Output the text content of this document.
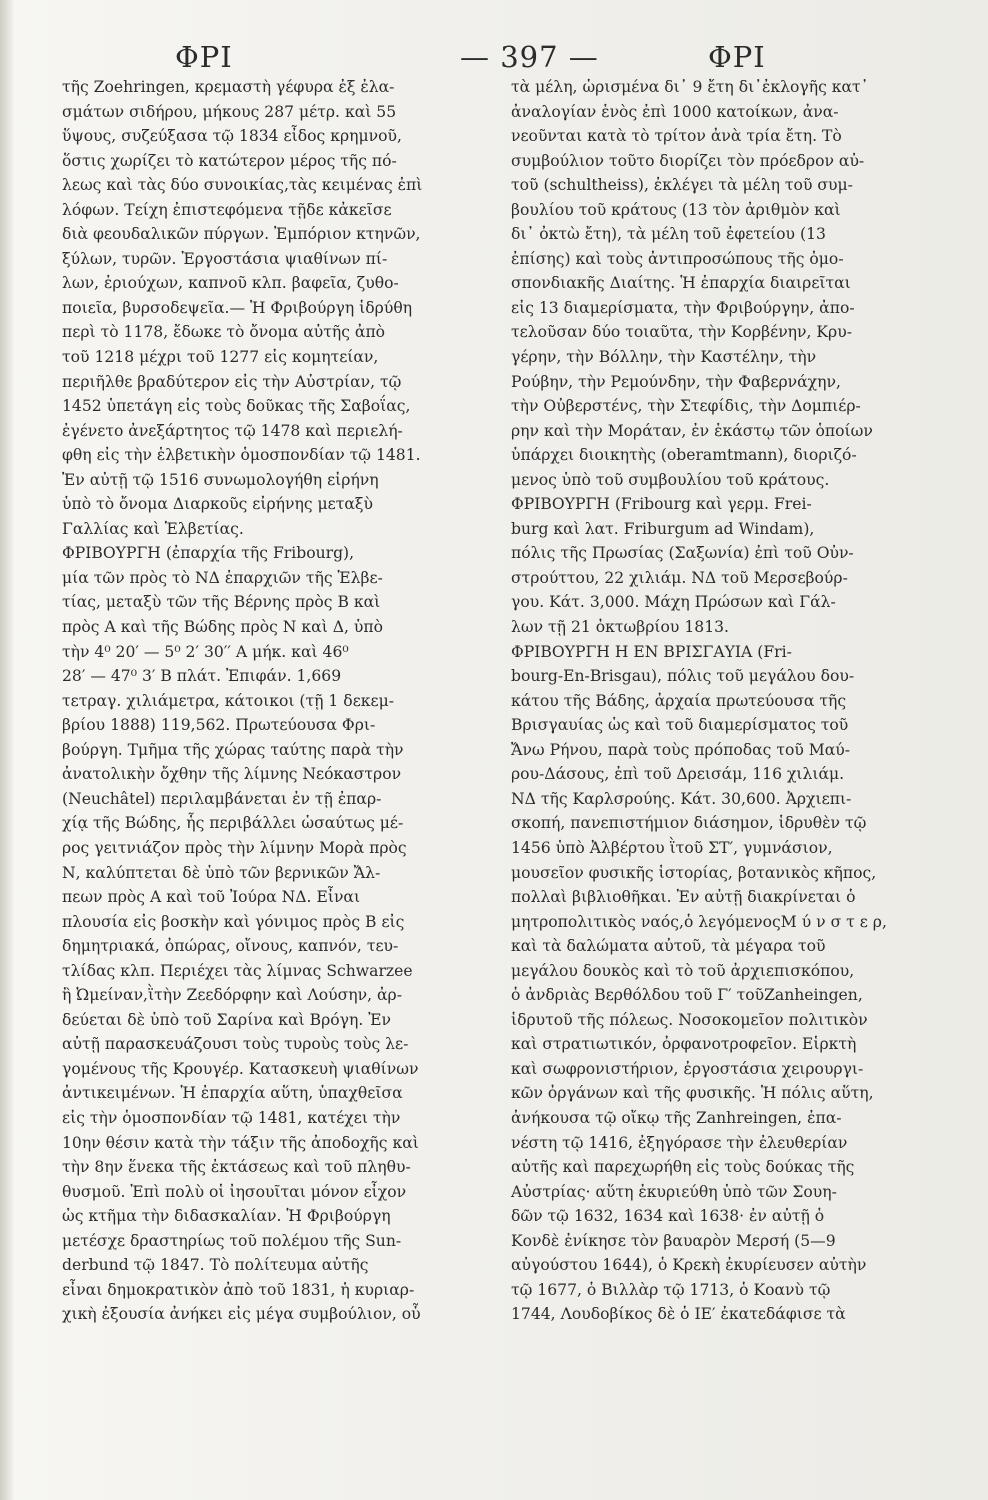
ΦΡΙ	— 397 —	ΦΡΙ
τῆς Zoehringen, κρεμαστὴ γέφυρα ἐξ ἐλα-
σμάτων σιδήρου, μήκους 287 μέτρ. καὶ 55
ὕψους, συζεύξασα τῷ 1834 εἶδος κρημνοῦ,
ὅστις χωρίζει τὸ κατώτερον μέρος τῆς πό-
λεως καὶ τὰς δύο συνοικίας,τὰς κειμένας ἐπὶ
λόφων. Τείχη ἐπιστεφόμενα τῇδε κἀκεῖσε
διὰ φεουδαλικῶν πύργων. Ἐμπόριον κτηνῶν,
ξύλων, τυρῶν. Ἐργοστάσια ψιαθίνων πί-
λων, ἐριούχων, καπνοῦ κλπ. βαφεῖα, ζυθο-
ποιεῖα, βυρσοδεψεῖα.— Ἡ Φριβούργη ἱδρύθη
περὶ τὸ 1178, ἔδωκε τὸ ὄνομα αὐτῆς ἀπὸ
τοῦ 1218 μέχρι τοῦ 1277 εἰς κομητείαν,
περιῆλθε βραδύτερον εἰς τὴν Αὐστρίαν, τῷ
1452 ὑπετάγη εἰς τοὺς δοῦκας τῆς Σαβοΐας,
ἐγένετο ἀνεξάρτητος τῷ 1478 καὶ περιελή-
φθη εἰς τὴν ἑλβετικὴν ὁμοσπονδίαν τῷ 1481.
Ἐν αὐτῇ τῷ 1516 συνωμολογήθη εἰρήνη
ὑπὸ τὸ ὄνομα Διαρκοῦς εἰρήνης μεταξὺ
Γαλλίας καὶ Ἑλβετίας.
ΦΡΙΒΟΥΡΓΗ (ἐπαρχία τῆς Fribourg),
μία τῶν πρὸς τὸ ΝΔ ἐπαρχιῶν τῆς Ἑλβε-
τίας, μεταξὺ τῶν τῆς Βέρνης πρὸς Β καὶ
πρὸς Α καὶ τῆς Βώδης πρὸς Ν καὶ Δ, ὑπὸ
τὴν 4⁰ 20′ — 5⁰ 2′ 30′′ Α μήκ. καὶ 46⁰
28′ — 47⁰ 3′ Β πλάτ. Ἐπιφάν. 1,669
τετραγ. χιλιάμετρα, κάτοικοι (τῇ 1 δεκεμ-
βρίου 1888) 119,562. Πρωτεύουσα Φρι-
βούργη. Τμῆμα τῆς χώρας ταύτης παρὰ τὴν
ἀνατολικὴν ὄχθην τῆς λίμνης Νεόκαστρον
(Neuchâtel) περιλαμβάνεται ἐν τῇ ἐπαρ-
χίᾳ τῆς Βώδης, ἧς περιβάλλει ὡσαύτως μέ-
ρος γειτνιάζον πρὸς τὴν λίμνην Μορὰ πρὸς
Ν, καλύπτεται δὲ ὑπὸ τῶν βερνικῶν Ἄλ-
πεων πρὸς Α καὶ τοῦ Ἰούρα ΝΔ. Εἶναι
πλουσία εἰς βοσκὴν καὶ γόνιμος πρὸς Β εἰς
δημητριακά, ὀπώρας, οἴνους, καπνόν, τευ-
τλίδας κλπ. Περιέχει τὰς λίμνας Schwarzee
ἢ Ὠμείναν,ῒτὴν Ζεεδόρφην καὶ Λούσην, ἀρ-
δεύεται δὲ ὑπὸ τοῦ Σαρίνα καὶ Βρόγη. Ἐν
αὐτῇ παρασκευάζουσι τοὺς τυροὺς τοὺς λε-
γομένους τῆς Κρουγέρ. Κατασκευὴ ψιαθίνων
ἀντικειμένων. Ἡ ἐπαρχία αὕτη, ὑπαχθεῖσα
εἰς τὴν ὁμοσπονδίαν τῷ 1481, κατέχει τὴν
10ην θέσιν κατὰ τὴν τάξιν τῆς ἀποδοχῆς καὶ
τὴν 8ην ἕνεκα τῆς ἐκτάσεως καὶ τοῦ πληθυ-
θυσμοῦ. Ἐπὶ πολὺ οἱ ἰησουῖται μόνον εἶχον
ὡς κτῆμα τὴν διδασκαλίαν. Ἡ Φριβούργη
μετέσχε δραστηρίως τοῦ πολέμου τῆς Sun-
derbund τῷ 1847. Τὸ πολίτευμα αὐτῆς
εἶναι δημοκρατικὸν ἀπὸ τοῦ 1831, ἡ κυριαρ-
χικὴ ἐξουσία ἀνήκει εἰς μέγα συμβούλιον, οὗ
τὰ μέλη, ὡρισμένα δι᾽ 9 ἔτη δι᾽ἐκλογῆς κατ᾽
ἀναλογίαν ἑνὸς ἐπὶ 1000 κατοίκων, ἀνα-
νεοῦνται κατὰ τὸ τρίτον ἀνὰ τρία ἔτη. Τὸ
συμβούλιον τοῦτο διορίζει τὸν πρόεδρον αὐ-
τοῦ (schultheiss), ἐκλέγει τὰ μέλη τοῦ συμ-
βουλίου τοῦ κράτους (13 τὸν ἀριθμὸν καὶ
δι᾽ ὀκτὼ ἔτη), τὰ μέλη τοῦ ἐφετείου (13
ἐπίσης) καὶ τοὺς ἀντιπροσώπους τῆς ὁμο-
σπονδιακῆς Διαίτης. Ἡ ἐπαρχία διαιρεῖται
εἰς 13 διαμερίσματα, τὴν Φριβούργην, ἀπο-
τελοῦσαν δύο τοιαῦτα, τὴν Κορβένην, Κρυ-
γέρην, τὴν Βόλλην, τὴν Καστέλην, τὴν
Ρούβην, τὴν Ρεμούνδην, τὴν Φαβερνάχην,
τὴν Οὐβερστένς, τὴν Στεφίδις, τὴν Δομπιέρ-
ρην καὶ τὴν Μοράταν, ἐν ἑκάστῳ τῶν ὁποίων
ὑπάρχει διοικητὴς (oberamtmann), διοριζό-
μενος ὑπὸ τοῦ συμβουλίου τοῦ κράτους.
ΦΡΙΒΟΥΡΓΗ (Fribourg καὶ γερμ. Frei-
burg καὶ λατ. Friburgum ad Windam),
πόλις τῆς Πρωσίας (Σαξωνία) ἐπὶ τοῦ Οὐν-
στρούττου, 22 χιλιάμ. ΝΔ τοῦ Μερσεβούρ-
γου. Κάτ. 3,000. Μάχη Πρώσων καὶ Γάλ-
λων τῇ 21 ὀκτωβρίου 1813.
ΦΡΙΒΟΥΡΓΗ Η ΕΝ ΒΡΙΣΓΑΥΙΑ (Fri-
bourg-En-Brisgau), πόλις τοῦ μεγάλου δου-
κάτου τῆς Βάδης, ἀρχαία πρωτεύουσα τῆς
Βρισγαυίας ὡς καὶ τοῦ διαμερίσματος τοῦ
Ἄνω Ρήνου, παρὰ τοὺς πρόποδας τοῦ Μαύ-
ρου-Δάσους, ἐπὶ τοῦ Δρεισάμ, 116 χιλιάμ.
ΝΔ τῆς Καρλσρούης. Κάτ. 30,600. Ἀρχιεπι-
σκοπή, πανεπιστήμιον διάσημον, ἱδρυθὲν τῷ
1456 ὑπὸ Ἀλβέρτου ῒτοῦ ΣΤ′, γυμνάσιον,
μουσεῖον φυσικῆς ἱστορίας, βοτανικὸς κῆπος,
πολλαὶ βιβλιοθῆκαι. Ἐν αὐτῇ διακρίνεται ὁ
μητροπολιτικὸς ναός,ὁ λεγόμενοςΜ ύ ν σ τ ε ρ,
καὶ τὰ δαλώματα αὐτοῦ, τὰ μέγαρα τοῦ
μεγάλου δουκὸς καὶ τὸ τοῦ ἀρχιεπισκόπου,
ὁ ἀνδριὰς Βερθόλδου τοῦ Γ′ τοῦZanheingen,
ἱδρυτοῦ τῆς πόλεως. Νοσοκομεῖον πολιτικὸν
καὶ στρατιωτικόν, ὀρφανοτροφεῖον. Εἱρκτὴ
καὶ σωφρονιστήριον, ἐργοστάσια χειρουργι-
κῶν ὀργάνων καὶ τῆς φυσικῆς. Ἡ πόλις αὕτη,
ἀνήκουσα τῷ οἴκῳ τῆς Zanhreingen, ἐπα-
νέστη τῷ 1416, ἐξηγόρασε τὴν ἐλευθερίαν
αὐτῆς καὶ παρεχωρήθη εἰς τοὺς δούκας τῆς
Αὐστρίας· αὕτη ἐκυριεύθη ὑπὸ τῶν Σουη-
δῶν τῷ 1632, 1634 καὶ 1638· ἐν αὐτῇ ὁ
Κονδὲ ἐνίκησε τὸν βαυαρὸν Μερσή (5—9
αὐγούστου 1644), ὁ Κρεκὴ ἐκυρίευσεν αὐτὴν
τῷ 1677, ὁ Βιλλὰρ τῷ 1713, ὁ Κοανὺ τῷ
1744, Λουδοβίκος δὲ ὁ ΙΕ′ ἐκατεδάφισε τὰ
